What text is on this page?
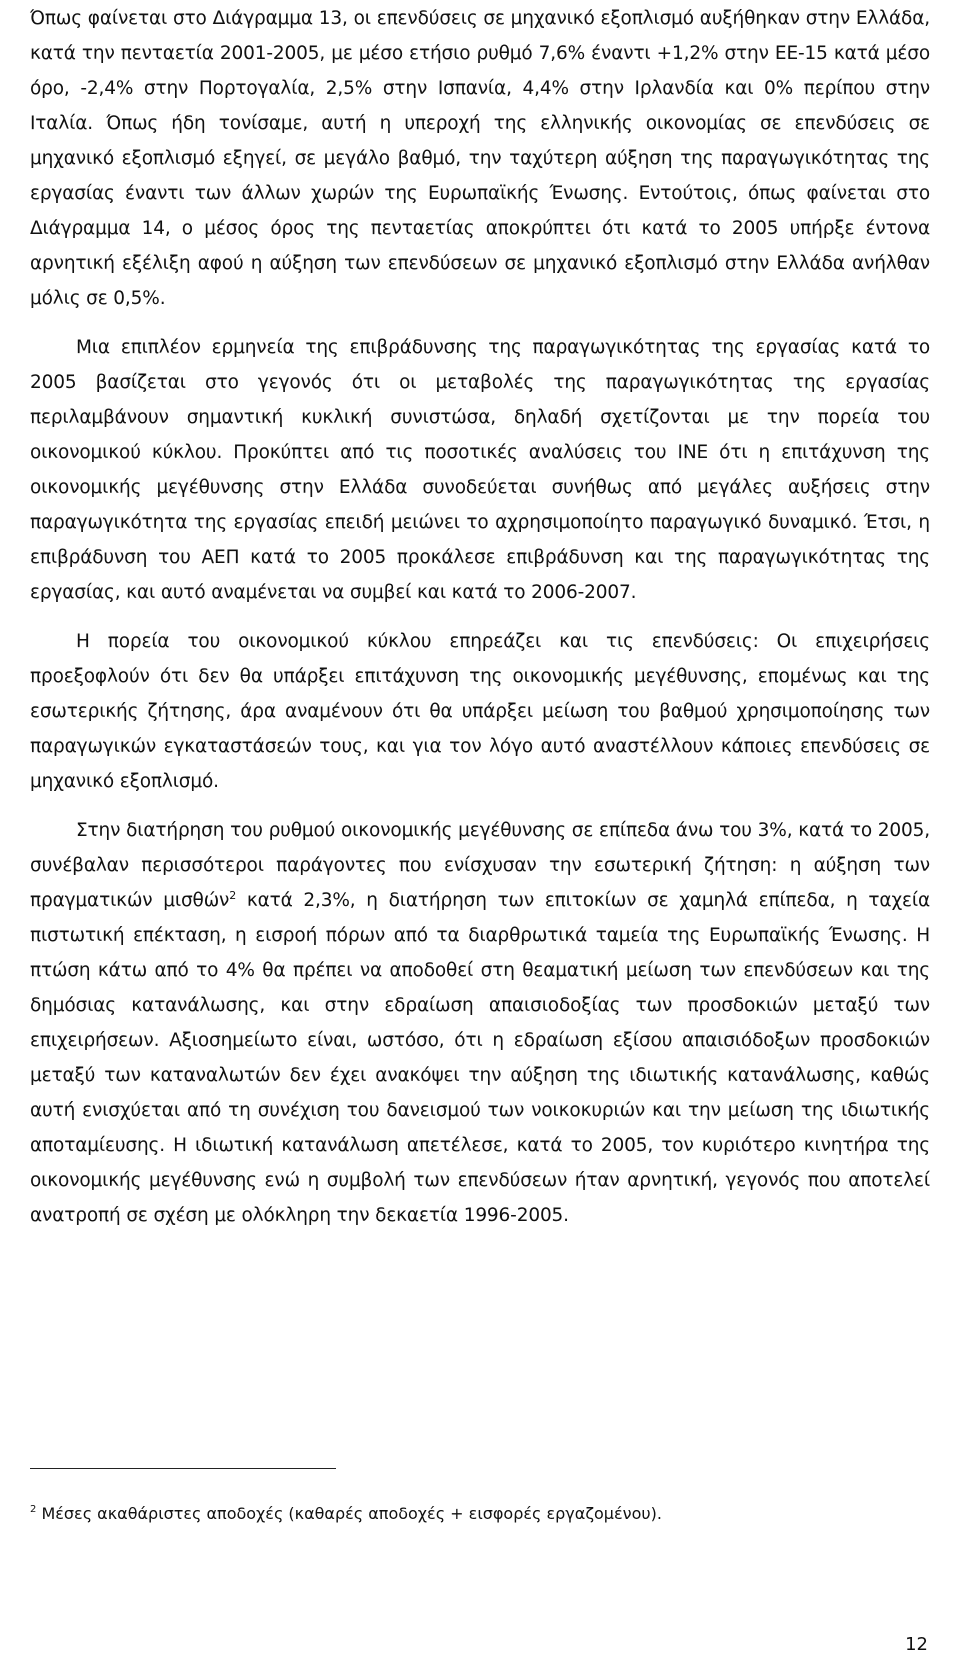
Όπως φαίνεται στο Διάγραμμα 13, οι επενδύσεις σε μηχανικό εξοπλισμό αυξήθηκαν στην Ελλάδα, κατά την πενταετία 2001-2005, με μέσο ετήσιο ρυθμό 7,6% έναντι +1,2% στην ΕΕ-15 κατά μέσο όρο, -2,4% στην Πορτογαλία, 2,5% στην Ισπανία, 4,4% στην Ιρλανδία και 0% περίπου στην Ιταλία. Όπως ήδη τονίσαμε, αυτή η υπεροχή της ελληνικής οικονομίας σε επενδύσεις σε μηχανικό εξοπλισμό εξηγεί, σε μεγάλο βαθμό, την ταχύτερη αύξηση της παραγωγικότητας της εργασίας έναντι των άλλων χωρών της Ευρωπαϊκής Ένωσης. Εντούτοις, όπως φαίνεται στο Διάγραμμα 14, ο μέσος όρος της πενταετίας αποκρύπτει ότι κατά το 2005 υπήρξε έντονα αρνητική εξέλιξη αφού η αύξηση των επενδύσεων σε μηχανικό εξοπλισμό στην Ελλάδα ανήλθαν μόλις σε 0,5%.

Μια επιπλέον ερμηνεία της επιβράδυνσης της παραγωγικότητας της εργασίας κατά το 2005 βασίζεται στο γεγονός ότι οι μεταβολές της παραγωγικότητας της εργασίας περιλαμβάνουν σημαντική κυκλική συνιστώσα, δηλαδή σχετίζονται με την πορεία του οικονομικού κύκλου. Προκύπτει από τις ποσοτικές αναλύσεις του ΙΝΕ ότι η επιτάχυνση της οικονομικής μεγέθυνσης στην Ελλάδα συνοδεύεται συνήθως από μεγάλες αυξήσεις στην παραγωγικότητα της εργασίας επειδή μειώνει το αχρησιμοποίητο παραγωγικό δυναμικό. Έτσι, η επιβράδυνση του ΑΕΠ κατά το 2005 προκάλεσε επιβράδυνση και της παραγωγικότητας της εργασίας, και αυτό αναμένεται να συμβεί και κατά το 2006-2007.

Η πορεία του οικονομικού κύκλου επηρεάζει και τις επενδύσεις: Οι επιχειρήσεις προεξοφλούν ότι δεν θα υπάρξει επιτάχυνση της οικονομικής μεγέθυνσης, επομένως και της εσωτερικής ζήτησης, άρα αναμένουν ότι θα υπάρξει μείωση του βαθμού χρησιμοποίησης των παραγωγικών εγκαταστάσεών τους, και για τον λόγο αυτό αναστέλλουν κάποιες επενδύσεις σε μηχανικό εξοπλισμό.

Στην διατήρηση του ρυθμού οικονομικής μεγέθυνσης σε επίπεδα άνω του 3%, κατά το 2005, συνέβαλαν περισσότεροι παράγοντες που ενίσχυσαν την εσωτερική ζήτηση: η αύξηση των πραγματικών μισθών$^2$ κατά 2,3%, η διατήρηση των επιτοκίων σε χαμηλά επίπεδα, η ταχεία πιστωτική επέκταση, η εισροή πόρων από τα διαρθρωτικά ταμεία της Ευρωπαϊκής Ένωσης. Η πτώση κάτω από το 4% θα πρέπει να αποδοθεί στη θεαματική μείωση των επενδύσεων και της δημόσιας κατανάλωσης, και στην εδραίωση απαισιοδοξίας των προσδοκιών μεταξύ των επιχειρήσεων. Αξιοσημείωτο είναι, ωστόσο, ότι η εδραίωση εξίσου απαισιόδοξων προσδοκιών μεταξύ των καταναλωτών δεν έχει ανακόψει την αύξηση της ιδιωτικής κατανάλωσης, καθώς αυτή ενισχύεται από τη συνέχιση του δανεισμού των νοικοκυριών και την μείωση της ιδιωτικής αποταμίευσης. Η ιδιωτική κατανάλωση απετέλεσε, κατά το 2005, τον κυριότερο κινητήρα της οικονομικής μεγέθυνσης ενώ η συμβολή των επενδύσεων ήταν αρνητική, γεγονός που αποτελεί ανατροπή σε σχέση με ολόκληρη την δεκαετία 1996-2005.

$^2$ Μέσες ακαθάριστες αποδοχές (καθαρές αποδοχές + εισφορές εργαζομένου).
12
